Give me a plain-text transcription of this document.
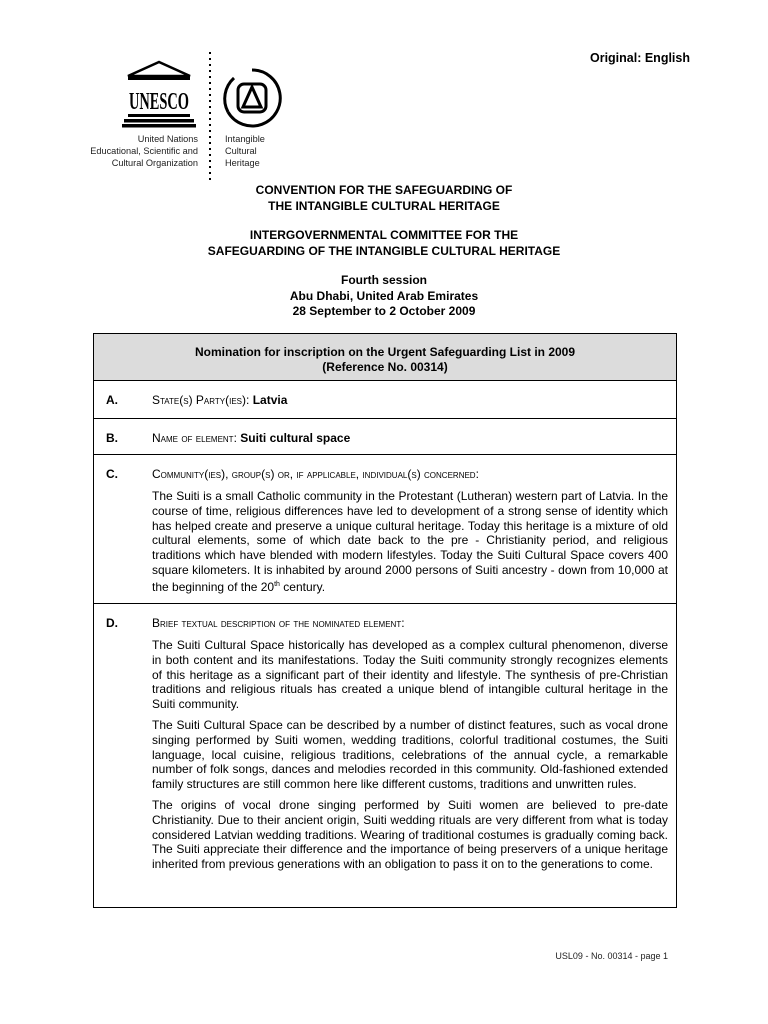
Original: English
UNESCO
United Nations
Educational, Scientific and
Cultural Organization
Intangible
Cultural
Heritage
CONVENTION FOR THE SAFEGUARDING OF
THE INTANGIBLE CULTURAL HERITAGE
INTERGOVERNMENTAL COMMITTEE FOR THE
SAFEGUARDING OF THE INTANGIBLE CULTURAL HERITAGE
Fourth session
Abu Dhabi, United Arab Emirates
28 September to 2 October 2009
Nomination for inscription on the Urgent Safeguarding List in 2009
(Reference No. 00314)
A.	State(s) Party(ies): Latvia
B.	Name of element: Suiti cultural space
C.	Community(ies), group(s) or, if applicable, individual(s) concerned:

The Suiti is a small Catholic community in the Protestant (Lutheran) western part of Latvia. In the course of time, religious differences have led to development of a strong sense of identity which has helped create and preserve a unique cultural heritage. Today this heritage is a mixture of old cultural elements, some of which date back to the pre - Christianity period, and religious traditions which have blended with modern lifestyles. Today the Suiti Cultural Space covers 400 square kilometers. It is inhabited by around 2000 persons of Suiti ancestry - down from 10,000 at the beginning of the 20th century.

D.	Brief textual description of the nominated element:

The Suiti Cultural Space historically has developed as a complex cultural phenomenon, diverse in both content and its manifestations. Today the Suiti community strongly recognizes elements of this heritage as a significant part of their identity and lifestyle. The synthesis of pre-Christian traditions and religious rituals has created a unique blend of intangible cultural heritage in the Suiti community.

The Suiti Cultural Space can be described by a number of distinct features, such as vocal drone singing performed by Suiti women, wedding traditions, colorful traditional costumes, the Suiti language, local cuisine, religious traditions, celebrations of the annual cycle, a remarkable number of folk songs, dances and melodies recorded in this community. Old-fashioned extended family structures are still common here like different customs, traditions and unwritten rules.

The origins of vocal drone singing performed by Suiti women are believed to pre-date Christianity. Due to their ancient origin, Suiti wedding rituals are very different from what is today considered Latvian wedding traditions. Wearing of traditional costumes is gradually coming back. The Suiti appreciate their difference and the importance of being preservers of a unique heritage inherited from previous generations with an obligation to pass it on to the generations to come.

USL09 - No. 00314 - page 1
